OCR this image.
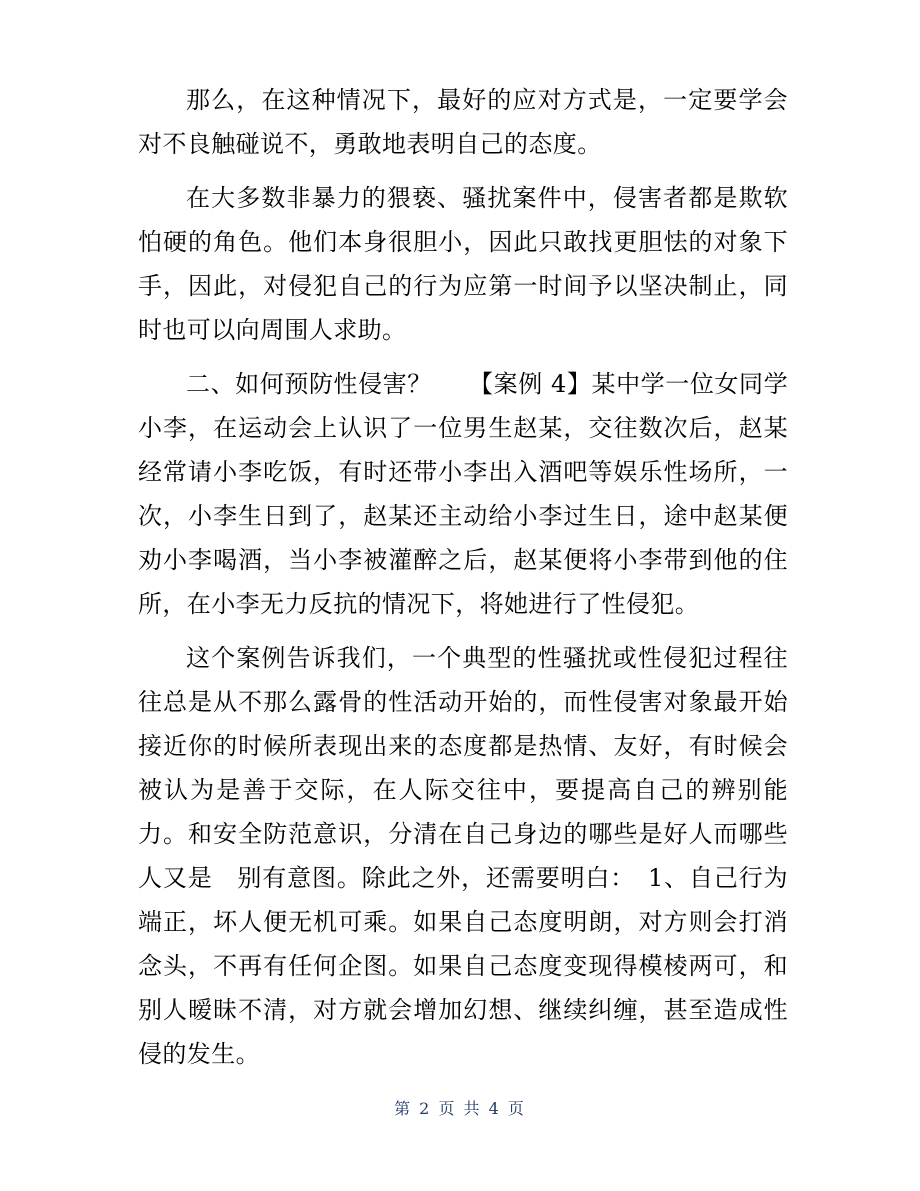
那么，在这种情况下，最好的应对方式是，一定要学会对不良触碰说不，勇敢地表明自己的态度。

在大多数非暴力的猥亵、骚扰案件中，侵害者都是欺软怕硬的角色。他们本身很胆小，因此只敢找更胆怯的对象下手，因此，对侵犯自己的行为应第一时间予以坚决制止，同时也可以向周围人求助。

二、如何预防性侵害？　　【案例 4】某中学一位女同学小李，在运动会上认识了一位男生赵某，交往数次后，赵某经常请小李吃饭，有时还带小李出入酒吧等娱乐性场所，一次，小李生日到了，赵某还主动给小李过生日，途中赵某便劝小李喝酒，当小李被灌醉之后，赵某便将小李带到他的住所，在小李无力反抗的情况下，将她进行了性侵犯。

这个案例告诉我们，一个典型的性骚扰或性侵犯过程往往总是从不那么露骨的性活动开始的，而性侵害对象最开始接近你的时候所表现出来的态度都是热情、友好，有时候会被认为是善于交际，在人际交往中，要提高自己的辨别能力。和安全防范意识，分清在自己身边的哪些是好人而哪些人又是　别有意图。除此之外，还需要明白：　1、自己行为端正，坏人便无机可乘。如果自己态度明朗，对方则会打消念头，不再有任何企图。如果自己态度变现得模棱两可，和别人暧昧不清，对方就会增加幻想、继续纠缠，甚至造成性侵的发生。

第 2 页 共 4 页
